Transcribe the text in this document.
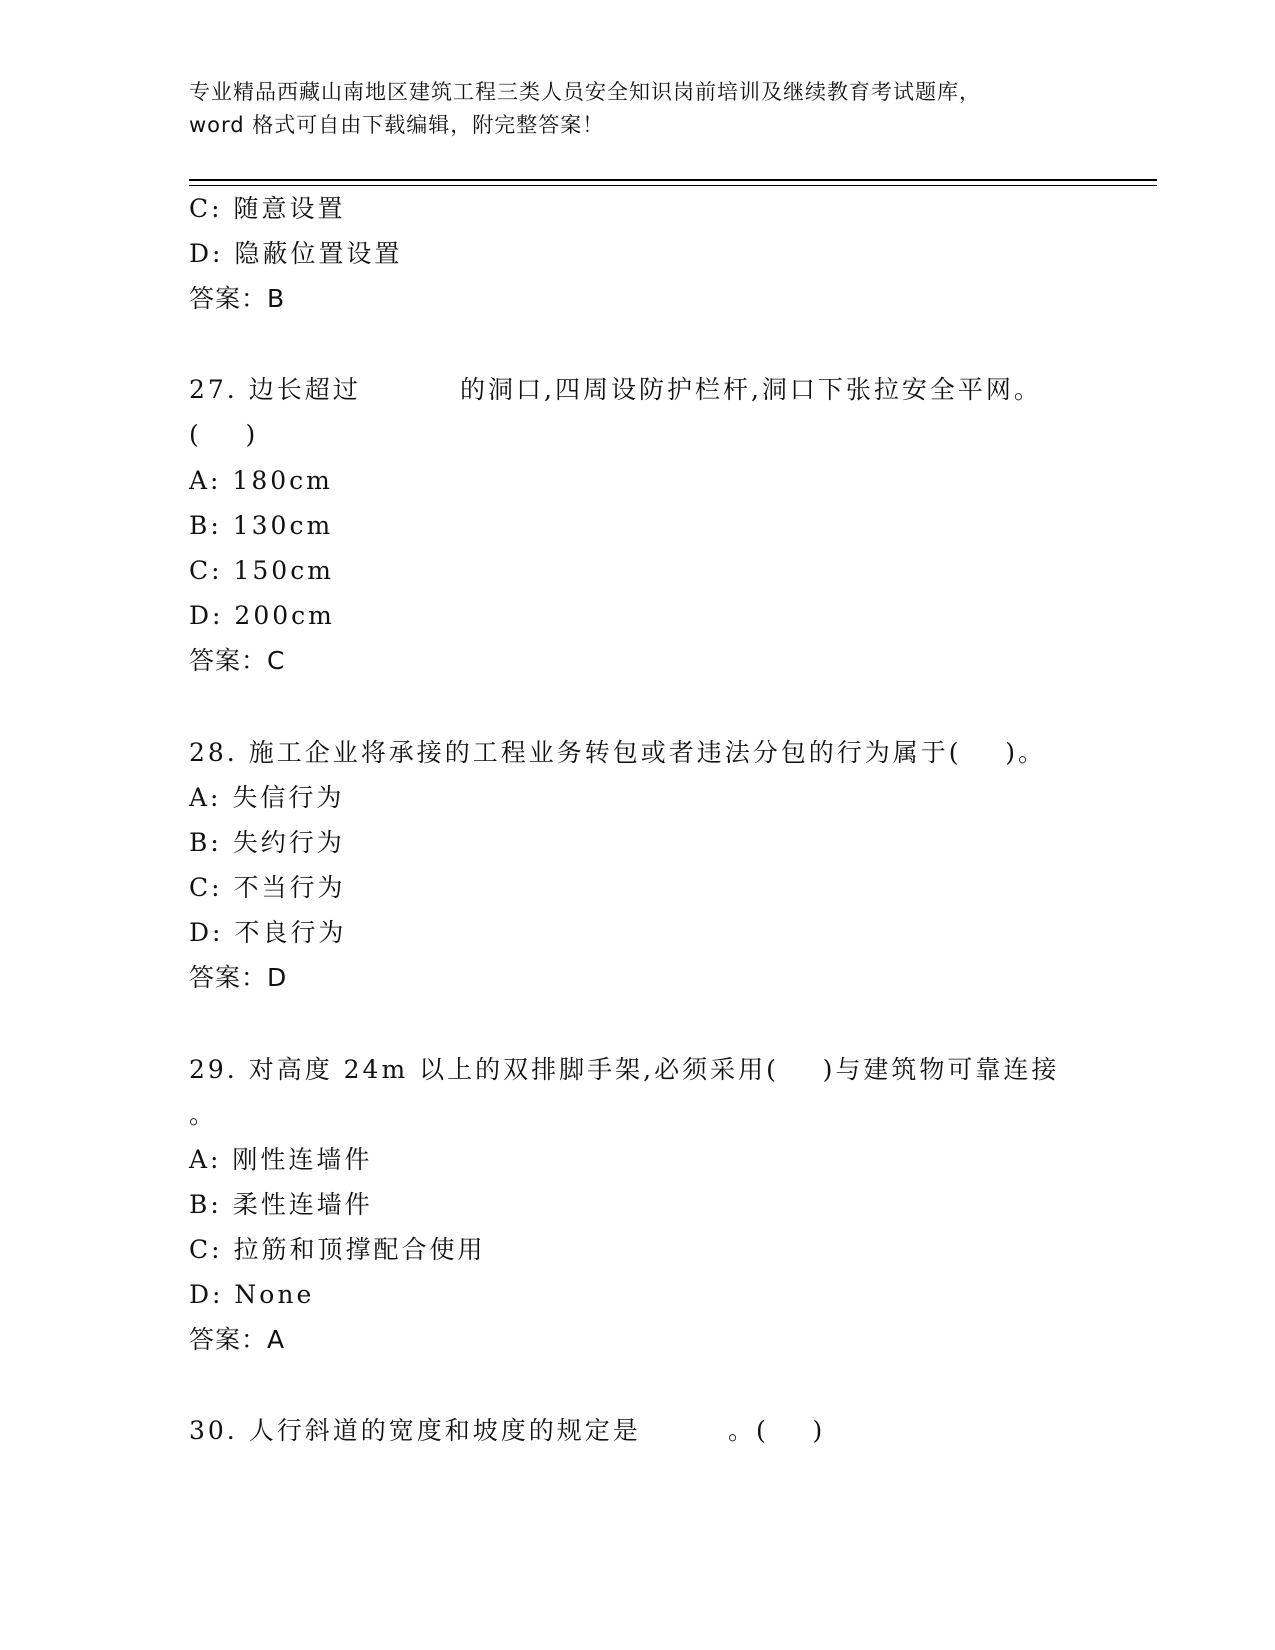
专业精品西藏山南地区建筑工程三类人员安全知识岗前培训及继续教育考试题库，
word 格式可自由下载编辑，附完整答案！
C: 随意设置
D: 隐蔽位置设置
答案：B
27. 边长超过	的洞口,四周设防护栏杆,洞口下张拉安全平网。
(    )
A: 180cm
B: 130cm
C: 150cm
D: 200cm
答案：C
28. 施工企业将承接的工程业务转包或者违法分包的行为属于(    )。
A: 失信行为
B: 失约行为
C: 不当行为
D: 不良行为
答案：D
29. 对高度 24m 以上的双排脚手架,必须采用(    )与建筑物可靠连接
。
A: 刚性连墙件
B: 柔性连墙件
C: 拉筋和顶撑配合使用
D: None
答案：A
30. 人行斜道的宽度和坡度的规定是	。(    )
